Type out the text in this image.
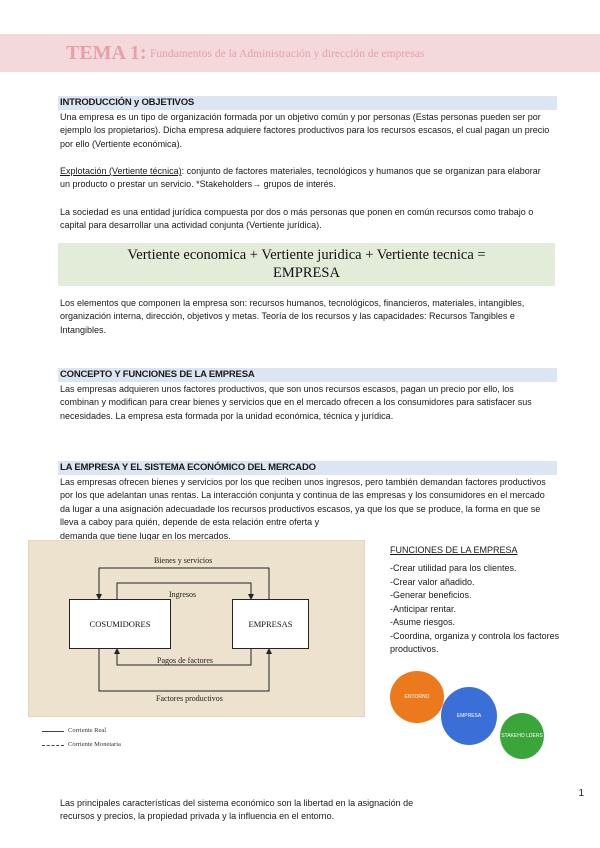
TEMA 1: Fundamentos de la Administración y dirección de empresas
INTRODUCCIÓN y OBJETIVOS
Una empresa es un tipo de organización formada por un objetivo común y por personas (Estas personas pueden ser por ejemplo los propietarios). Dicha empresa adquiere factores productivos para los recursos escasos, el cual pagan un precio por ello (Vertiente económica).
Explotación (Vertiente técnica): conjunto de factores materiales, tecnológicos y humanos que se organizan para elaborar un producto o prestar un servicio. *Stakeholders→ grupos de interés.
La sociedad es una entidad jurídica compuesta por dos o más personas que ponen en común recursos como trabajo o capital para desarrollar una actividad conjunta (Vertiente jurídica).
Vertiente economica + Vertiente juridica + Vertiente tecnica =
EMPRESA
Los elementos que componen la empresa son: recursos humanos, tecnológicos, financieros, materiales, intangibles, organización interna, dirección, objetivos y metas. Teoría de los recursos y las capacidades: Recursos Tangibles e Intangibles.
CONCEPTO Y FUNCIONES DE LA EMPRESA
Las empresas adquieren unos factores productivos, que son unos recursos escasos, pagan un precio por ello, los combinan y modifican para crear bienes y servicios que en el mercado ofrecen a los consumidores para satisfacer sus necesidades. La empresa esta formada por la unidad económica, técnica y jurídica.
LA EMPRESA Y EL SISTEMA ECONÓMICO DEL MERCADO
Las empresas ofrecen bienes y servicios por los que reciben unos ingresos, pero también demandan factores productivos por los que adelantan unas rentas. La interacción conjunta y continua de las empresas y los consumidores en el mercado da lugar a una asignación adecuadade los recursos productivos escasos, ya que los que se produce, la forma en que se lleva a caboy para quién, depende de esta relación entre oferta y
demanda que tiene lugar en los mercados.
Bienes y servicios
Ingresos
COSUMIDORES	EMPRESAS
Pagos de factores
Factores productivos
Corriente Real
Corriente Monetaria
FUNCIONES DE LA EMPRESA
-Crear utilidad para los clientes.
-Crear valor añadido.
-Generar beneficios.
-Anticipar rentar.
-Asume riesgos.
-Coordina, organiza y controla los factores productivos.
ENTORNO
EMPRESA
STAKEHO LDERS
1
Las principales características del sistema económico son la libertad en la asignación de recursos y precios, la propiedad privada y la influencia en el entorno.
